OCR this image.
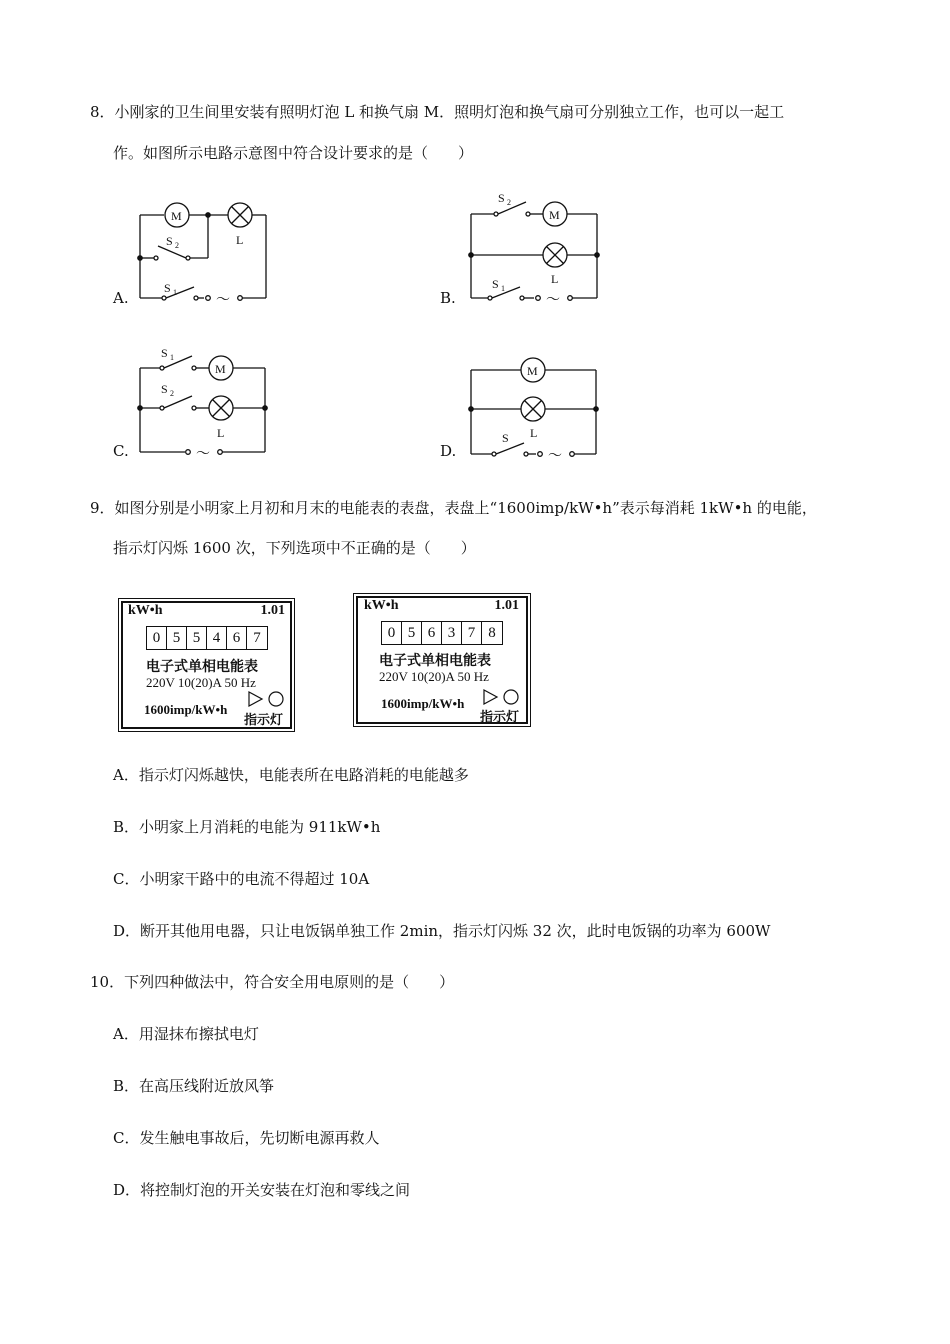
8．小刚家的卫生间里安装有照明灯泡 L 和换气扇 M．照明灯泡和换气扇可分别独立工作，也可以一起工
作。如图所示电路示意图中符合设计要求的是（　　）
M
L
S 2
S 1
～
M
L
S 2
S 1
～
M
L
S 1
S 2
～
M
L
S
～
A.	B.
C.	D.
9．如图分别是小明家上月初和月末的电能表的表盘，表盘上“1600imp/kW•h”表示每消耗 1kW•h 的电能，
指示灯闪烁 1600 次，下列选项中不正确的是（　　）
kW•h	1.01
0 5 5 4 6 7
电子式单相电能表
220V 10(20)A 50 Hz
1600imp/kW•h
指示灯
kW•h	1.01
0 5 6 3 7 8
电子式单相电能表
220V 10(20)A 50 Hz
1600imp/kW•h
指示灯
A．指示灯闪烁越快，电能表所在电路消耗的电能越多
B．小明家上月消耗的电能为 911kW•h
C．小明家干路中的电流不得超过 10A
D．断开其他用电器，只让电饭锅单独工作 2min，指示灯闪烁 32 次，此时电饭锅的功率为 600W
10．下列四种做法中，符合安全用电原则的是（　　）
A．用湿抹布擦拭电灯
B．在高压线附近放风筝
C．发生触电事故后，先切断电源再救人
D．将控制灯泡的开关安装在灯泡和零线之间
